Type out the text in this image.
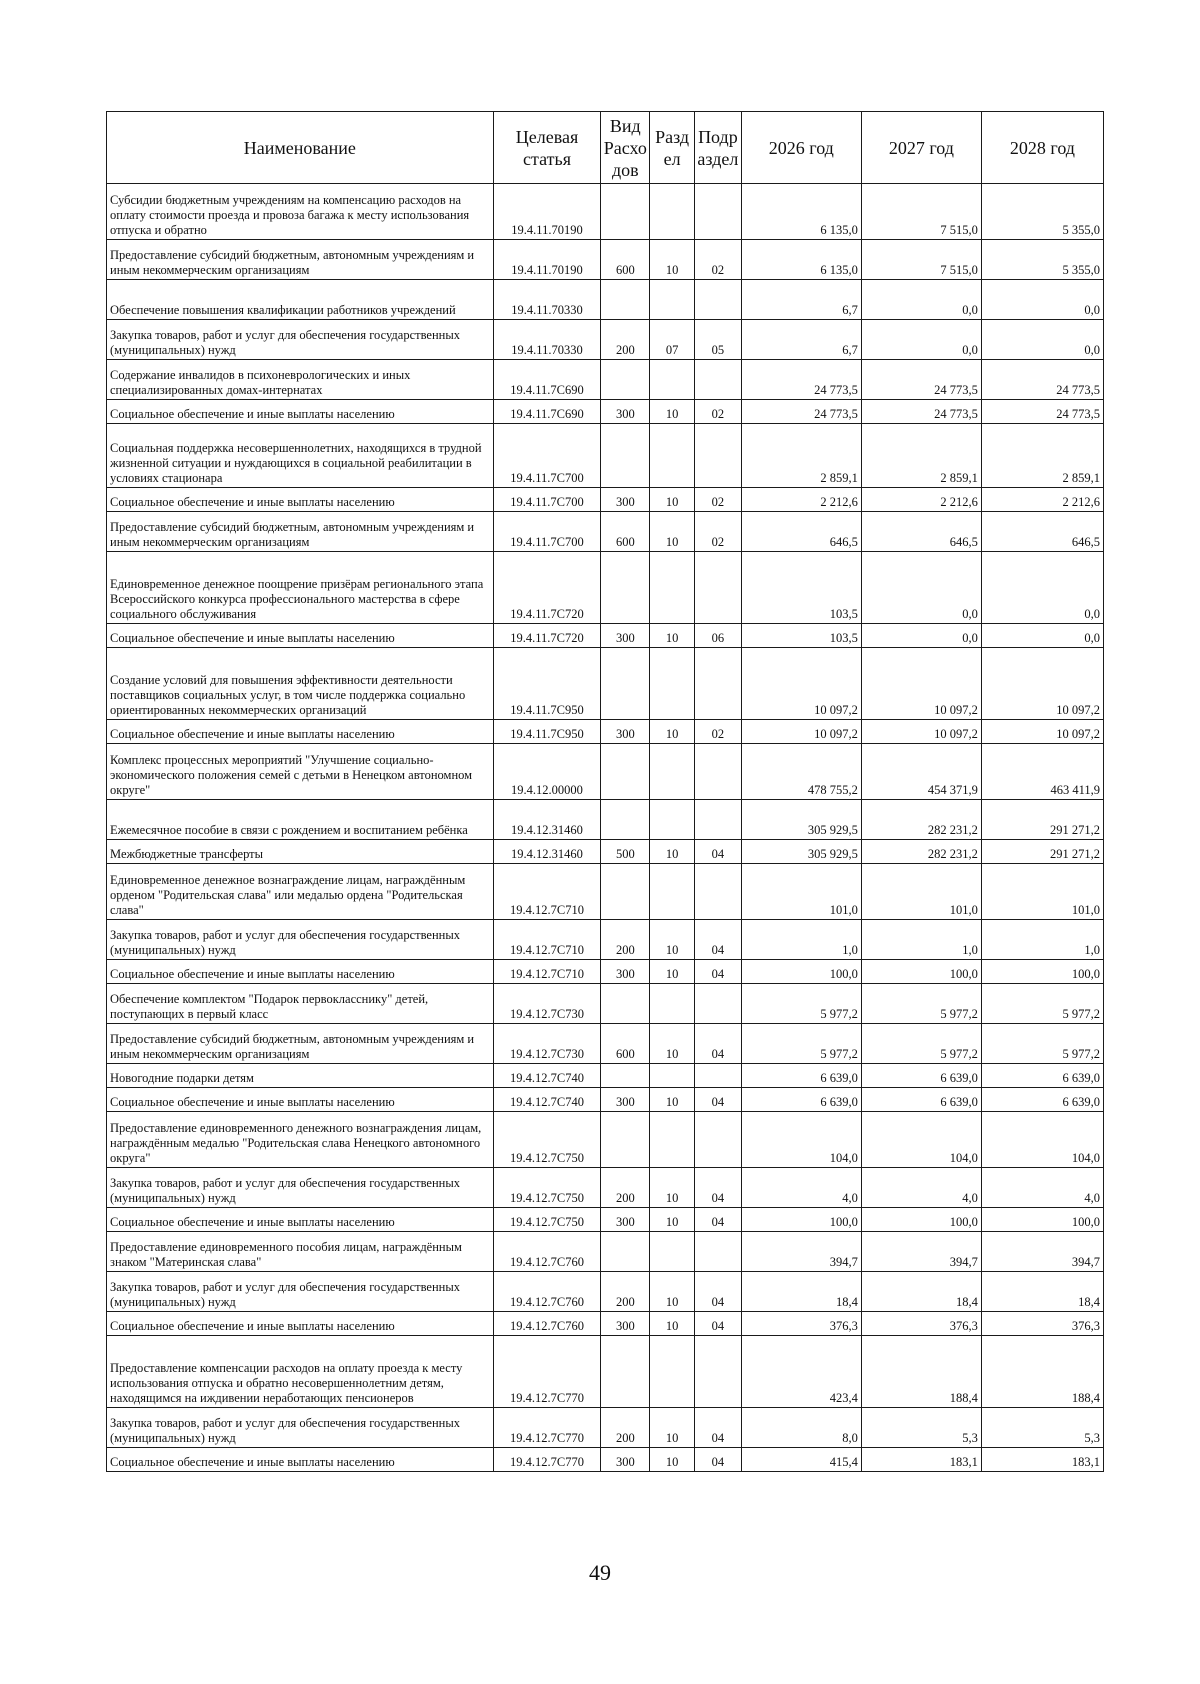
Наименование	Целевая статья	Вид Расхо дов	Разд ел	Подр аздел	2026 год	2027 год	2028 год
Субсидии бюджетным учреждениям на компенсацию расходов на оплату стоимости проезда и провоза багажа к месту использования отпуска и обратно	19.4.11.70190				6 135,0	7 515,0	5 355,0
Предоставление субсидий бюджетным, автономным учреждениям и иным некоммерческим организациям	19.4.11.70190	600	10	02	6 135,0	7 515,0	5 355,0
Обеспечение повышения квалификации работников учреждений	19.4.11.70330				6,7	0,0	0,0
Закупка товаров, работ и услуг для обеспечения государственных (муниципальных) нужд	19.4.11.70330	200	07	05	6,7	0,0	0,0
Содержание инвалидов в психоневрологических и иных специализированных домах-интернатах	19.4.11.7С690				24 773,5	24 773,5	24 773,5
Социальное обеспечение и иные выплаты населению	19.4.11.7С690	300	10	02	24 773,5	24 773,5	24 773,5
Социальная поддержка несовершеннолетних, находящихся в трудной жизненной ситуации и нуждающихся в социальной реабилитации в условиях стационара	19.4.11.7С700				2 859,1	2 859,1	2 859,1
Социальное обеспечение и иные выплаты населению	19.4.11.7С700	300	10	02	2 212,6	2 212,6	2 212,6
Предоставление субсидий бюджетным, автономным учреждениям и иным некоммерческим организациям	19.4.11.7С700	600	10	02	646,5	646,5	646,5
Единовременное денежное поощрение призёрам регионального этапа Всероссийского конкурса профессионального мастерства в сфере социального обслуживания	19.4.11.7С720				103,5	0,0	0,0
Социальное обеспечение и иные выплаты населению	19.4.11.7С720	300	10	06	103,5	0,0	0,0
Создание условий для повышения эффективности деятельности поставщиков социальных услуг, в том числе поддержка социально ориентированных некоммерческих организаций	19.4.11.7С950				10 097,2	10 097,2	10 097,2
Социальное обеспечение и иные выплаты населению	19.4.11.7С950	300	10	02	10 097,2	10 097,2	10 097,2
Комплекс процессных мероприятий "Улучшение социально-экономического положения семей с детьми в Ненецком автономном округе"	19.4.12.00000				478 755,2	454 371,9	463 411,9
Ежемесячное пособие в связи с рождением и воспитанием ребёнка	19.4.12.31460				305 929,5	282 231,2	291 271,2
Межбюджетные трансферты	19.4.12.31460	500	10	04	305 929,5	282 231,2	291 271,2
Единовременное денежное вознаграждение лицам, награждённым орденом "Родительская слава" или медалью ордена "Родительская слава"	19.4.12.7С710				101,0	101,0	101,0
Закупка товаров, работ и услуг для обеспечения государственных (муниципальных) нужд	19.4.12.7С710	200	10	04	1,0	1,0	1,0
Социальное обеспечение и иные выплаты населению	19.4.12.7С710	300	10	04	100,0	100,0	100,0
Обеспечение комплектом "Подарок первокласснику" детей, поступающих в первый класс	19.4.12.7С730				5 977,2	5 977,2	5 977,2
Предоставление субсидий бюджетным, автономным учреждениям и иным некоммерческим организациям	19.4.12.7С730	600	10	04	5 977,2	5 977,2	5 977,2
Новогодние подарки детям	19.4.12.7С740				6 639,0	6 639,0	6 639,0
Социальное обеспечение и иные выплаты населению	19.4.12.7С740	300	10	04	6 639,0	6 639,0	6 639,0
Предоставление единовременного денежного вознаграждения лицам, награждённым медалью "Родительская слава Ненецкого автономного округа"	19.4.12.7С750				104,0	104,0	104,0
Закупка товаров, работ и услуг для обеспечения государственных (муниципальных) нужд	19.4.12.7С750	200	10	04	4,0	4,0	4,0
Социальное обеспечение и иные выплаты населению	19.4.12.7С750	300	10	04	100,0	100,0	100,0
Предоставление единовременного пособия лицам, награждённым знаком "Материнская слава"	19.4.12.7С760				394,7	394,7	394,7
Закупка товаров, работ и услуг для обеспечения государственных (муниципальных) нужд	19.4.12.7С760	200	10	04	18,4	18,4	18,4
Социальное обеспечение и иные выплаты населению	19.4.12.7С760	300	10	04	376,3	376,3	376,3
Предоставление компенсации расходов на оплату проезда к месту использования отпуска и обратно несовершеннолетним детям, находящимся на иждивении неработающих пенсионеров	19.4.12.7С770				423,4	188,4	188,4
Закупка товаров, работ и услуг для обеспечения государственных (муниципальных) нужд	19.4.12.7С770	200	10	04	8,0	5,3	5,3
Социальное обеспечение и иные выплаты населению	19.4.12.7С770	300	10	04	415,4	183,1	183,1
49
